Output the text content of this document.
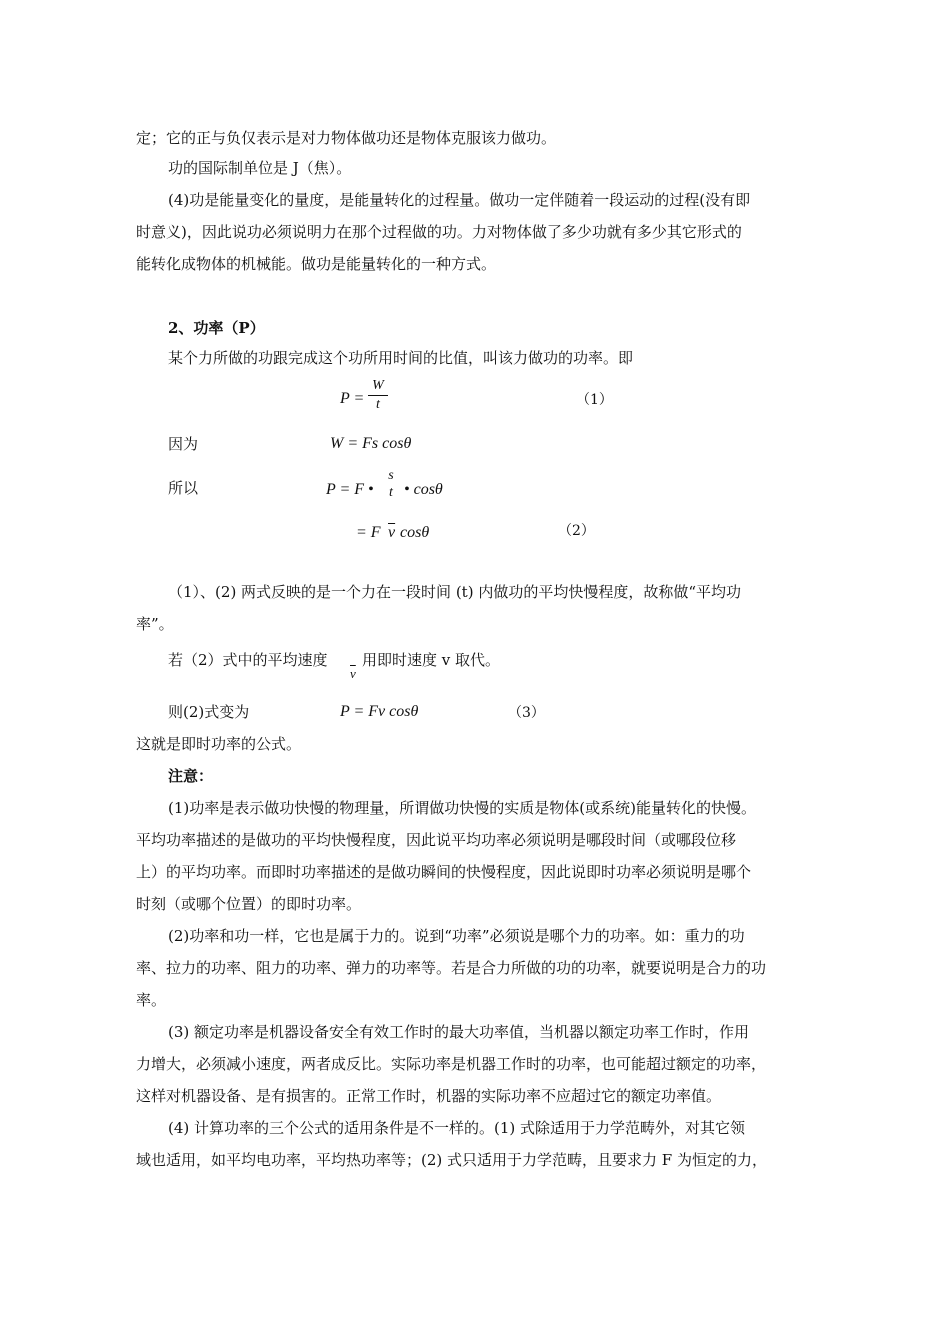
定；它的正与负仅表示是对力物体做功还是物体克服该力做功。
功的国际制单位是 J（焦）。
(4)功是能量变化的量度，是能量转化的过程量。做功一定伴随着一段运动的过程(没有即
时意义)，因此说功必须说明力在那个过程做的功。力对物体做了多少功就有多少其它形式的
能转化成物体的机械能。做功是能量转化的一种方式。
2、功率（P）
某个力所做的功跟完成这个功所用时间的比值，叫该力做功的功率。即
P =
W
t	（1）
因为	W = Fs cosθ
所以	P = F •
s
t • cosθ
= F $\overline{v}$ cosθ	（2）
（1）、(2) 两式反映的是一个力在一段时间 (t) 内做功的平均快慢程度，故称做“平均功
率”。
若（2）式中的平均速度
$\overline{v}$
用即时速度 v 取代。
则(2)式变为	P = Fv cosθ	（3）
这就是即时功率的公式。
注意：
(1)功率是表示做功快慢的物理量，所谓做功快慢的实质是物体(或系统)能量转化的快慢。
平均功率描述的是做功的平均快慢程度，因此说平均功率必须说明是哪段时间（或哪段位移
上）的平均功率。而即时功率描述的是做功瞬间的快慢程度，因此说即时功率必须说明是哪个
时刻（或哪个位置）的即时功率。
(2)功率和功一样，它也是属于力的。说到“功率”必须说是哪个力的功率。如：重力的功
率、拉力的功率、阻力的功率、弹力的功率等。若是合力所做的功的功率，就要说明是合力的功
率。
(3) 额定功率是机器设备安全有效工作时的最大功率值，当机器以额定功率工作时，作用
力增大，必须减小速度，两者成反比。实际功率是机器工作时的功率，也可能超过额定的功率，
这样对机器设备、是有损害的。正常工作时，机器的实际功率不应超过它的额定功率值。
(4) 计算功率的三个公式的适用条件是不一样的。(1) 式除适用于力学范畴外，对其它领
域也适用，如平均电功率，平均热功率等；(2) 式只适用于力学范畴，且要求力 F 为恒定的力，
